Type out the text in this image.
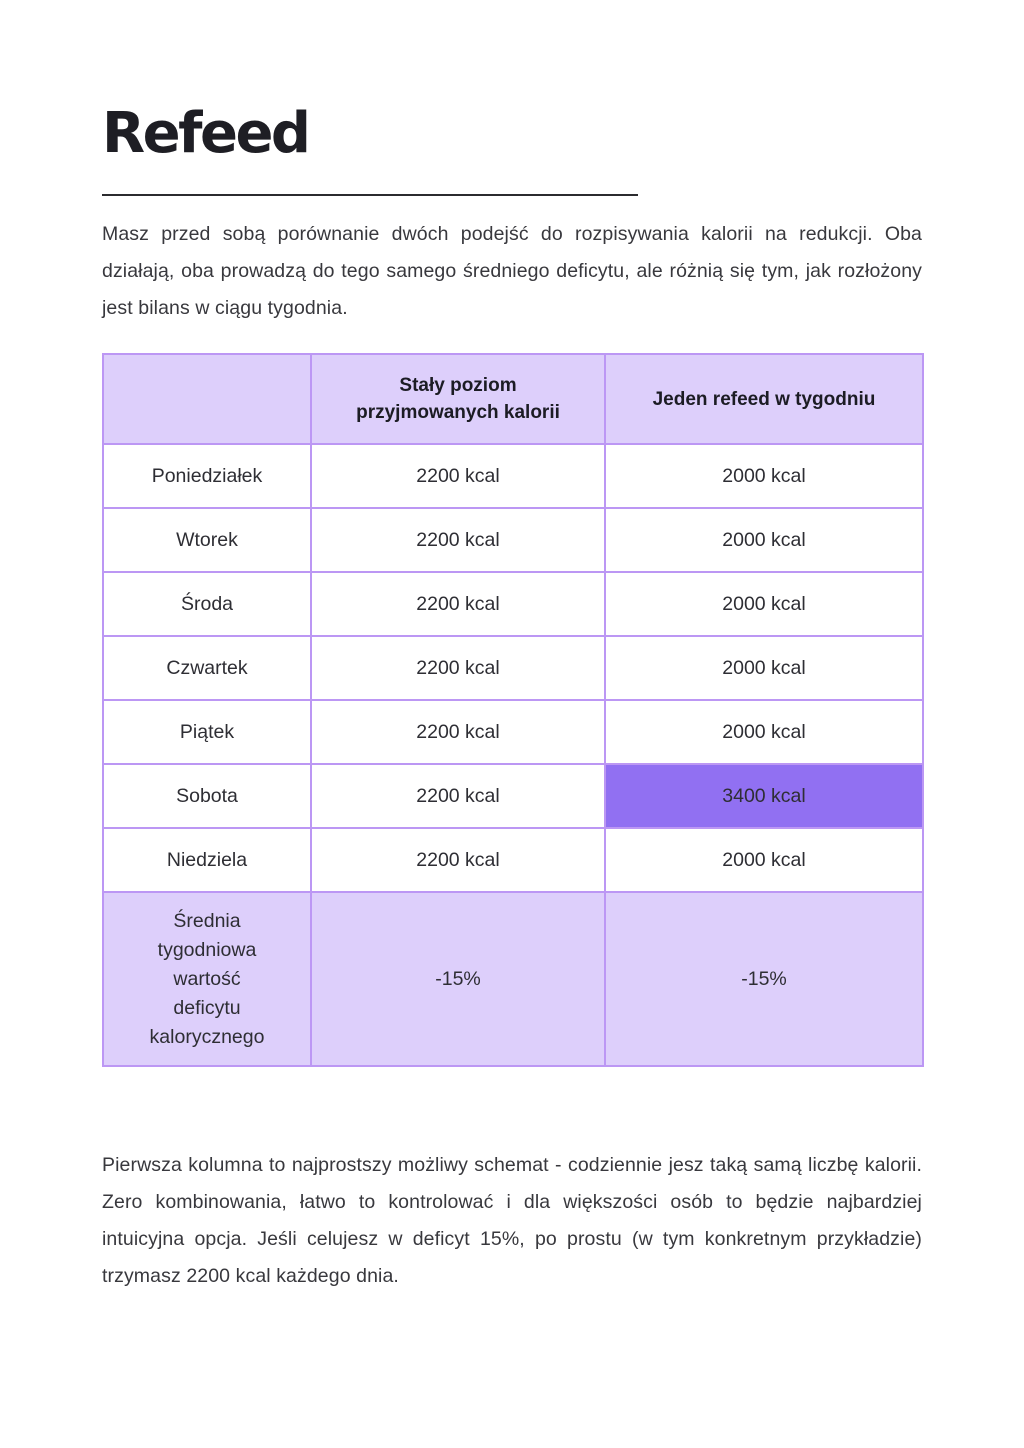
Refeed

Masz przed sobą porównanie dwóch podejść do rozpisywania kalorii na redukcji. Oba działają, oba prowadzą do tego samego średniego deficytu, ale różnią się tym, jak rozłożony jest bilans w ciągu tygodnia.

	Stały poziom przyjmowanych kalorii	Jeden refeed w tygodniu
Poniedziałek	2200 kcal	2000 kcal
Wtorek	2200 kcal	2000 kcal
Środa	2200 kcal	2000 kcal
Czwartek	2200 kcal	2000 kcal
Piątek	2200 kcal	2000 kcal
Sobota	2200 kcal	3400 kcal
Niedziela	2200 kcal	2000 kcal
Średnia tygodniowa wartość deficytu kalorycznego	-15%	-15%

Pierwsza kolumna to najprostszy możliwy schemat - codziennie jesz taką samą liczbę kalorii. Zero kombinowania, łatwo to kontrolować i dla większości osób to będzie najbardziej intuicyjna opcja. Jeśli celujesz w deficyt 15%, po prostu (w tym konkretnym przykładzie) trzymasz 2200 kcal każdego dnia.
